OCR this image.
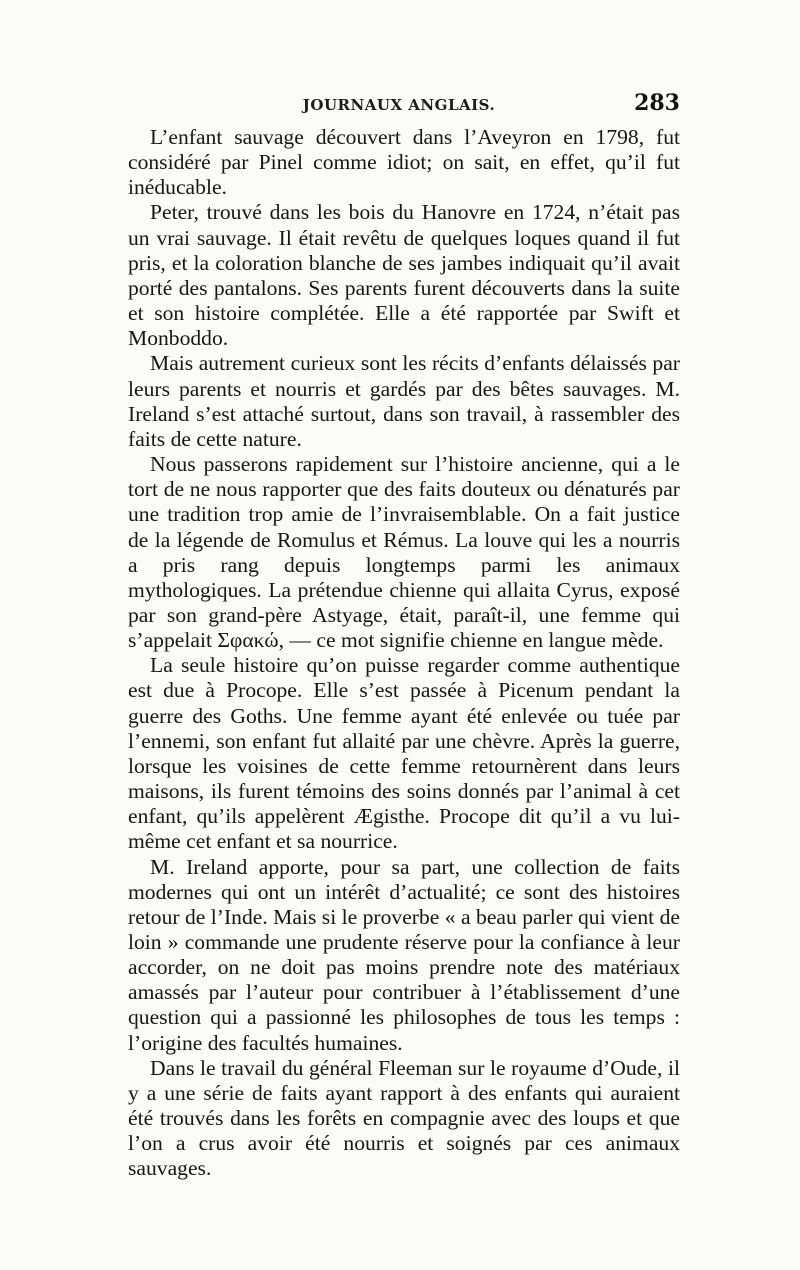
JOURNAUX ANGLAIS.	283

L’enfant sauvage découvert dans l’Aveyron en 1798, fut considéré par Pinel comme idiot; on sait, en effet, qu’il fut inéducable.

Peter, trouvé dans les bois du Hanovre en 1724, n’était pas un vrai sauvage. Il était revêtu de quelques loques quand il fut pris, et la coloration blanche de ses jambes indiquait qu’il avait porté des pantalons. Ses parents furent découverts dans la suite et son histoire complétée. Elle a été rapportée par Swift et Monboddo.

Mais autrement curieux sont les récits d’enfants délaissés par leurs parents et nourris et gardés par des bêtes sauvages. M. Ireland s’est attaché surtout, dans son travail, à rassembler des faits de cette nature.

Nous passerons rapidement sur l’histoire ancienne, qui a le tort de ne nous rapporter que des faits douteux ou dénaturés par une tradition trop amie de l’invraisemblable. On a fait justice de la légende de Romulus et Rémus. La louve qui les a nourris a pris rang depuis longtemps parmi les animaux mythologiques. La prétendue chienne qui allaita Cyrus, exposé par son grand-père Astyage, était, paraît-il, une femme qui s’appelait Σφακώ, — ce mot signifie chienne en langue mède.

La seule histoire qu’on puisse regarder comme authentique est due à Procope. Elle s’est passée à Picenum pendant la guerre des Goths. Une femme ayant été enlevée ou tuée par l’ennemi, son enfant fut allaité par une chèvre. Après la guerre, lorsque les voisines de cette femme retournèrent dans leurs maisons, ils furent témoins des soins donnés par l’animal à cet enfant, qu’ils appelèrent Ægisthe. Procope dit qu’il a vu lui-même cet enfant et sa nourrice.

M. Ireland apporte, pour sa part, une collection de faits modernes qui ont un intérêt d’actualité; ce sont des histoires retour de l’Inde. Mais si le proverbe « a beau parler qui vient de loin » commande une prudente réserve pour la confiance à leur accorder, on ne doit pas moins prendre note des matériaux amassés par l’auteur pour contribuer à l’établissement d’une question qui a passionné les philosophes de tous les temps : l’origine des facultés humaines.

Dans le travail du général Fleeman sur le royaume d’Oude, il y a une série de faits ayant rapport à des enfants qui auraient été trouvés dans les forêts en compagnie avec des loups et que l’on a crus avoir été nourris et soignés par ces animaux sauvages.
